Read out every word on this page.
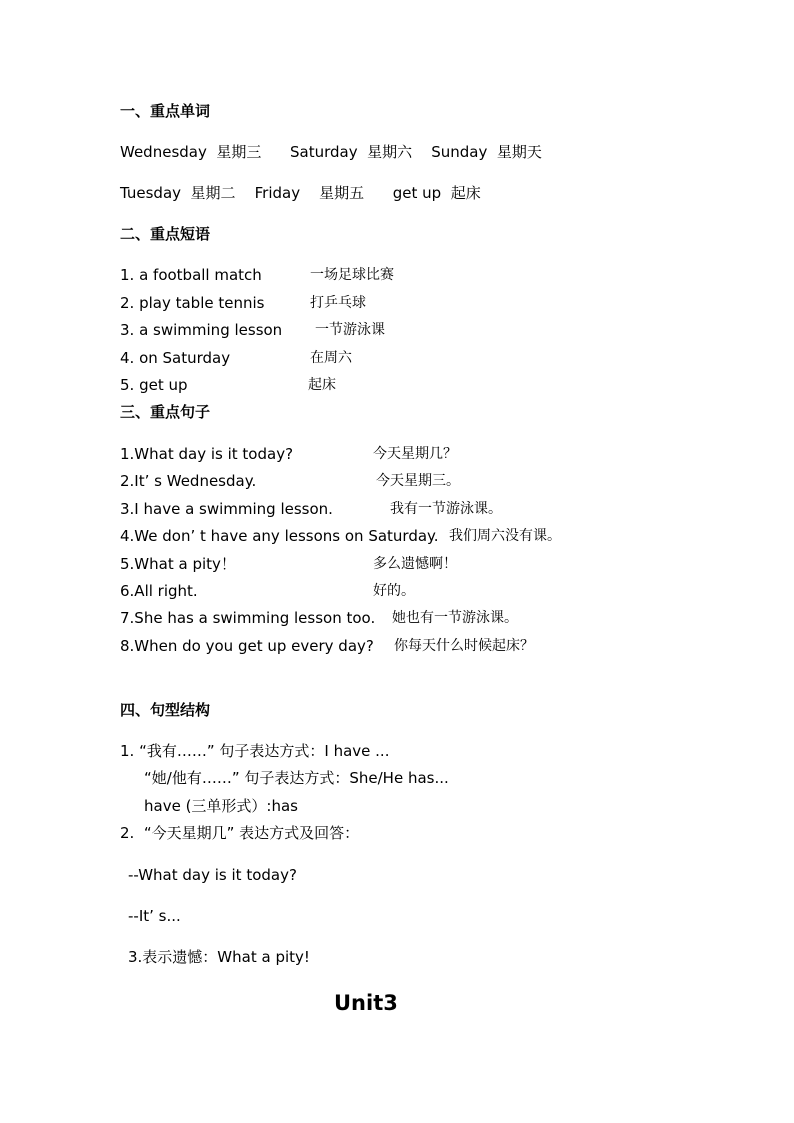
一、重点单词
Wednesday  星期三      Saturday  星期六    Sunday  星期天
Tuesday  星期二    Friday    星期五      get up  起床
二、重点短语
1. a football match	一场足球比赛
2. play table tennis	打乒乓球
3. a swimming lesson 一节游泳课
4. on Saturday	在周六
5. get up	起床
三、重点句子
1.What day is it today?	今天星期几？
2.It’ s Wednesday.	今天星期三。
3.I have a swimming lesson.	我有一节游泳课。
4.We don’ t have any lessons on Saturday. 我们周六没有课。
5.What a pity！	多么遗憾啊！
6.All right.	好的。
7.She has a swimming lesson too. 她也有一节游泳课。
8.When do you get up every day? 你每天什么时候起床？
四、句型结构
1. “我有……” 句子表达方式：I have ...
“她/他有……” 句子表达方式：She/He has...
have (三单形式）:has
2.  “今天星期几” 表达方式及回答：
--What day is it today?
--It’ s...
3.表示遗憾：What a pity!
Unit3
